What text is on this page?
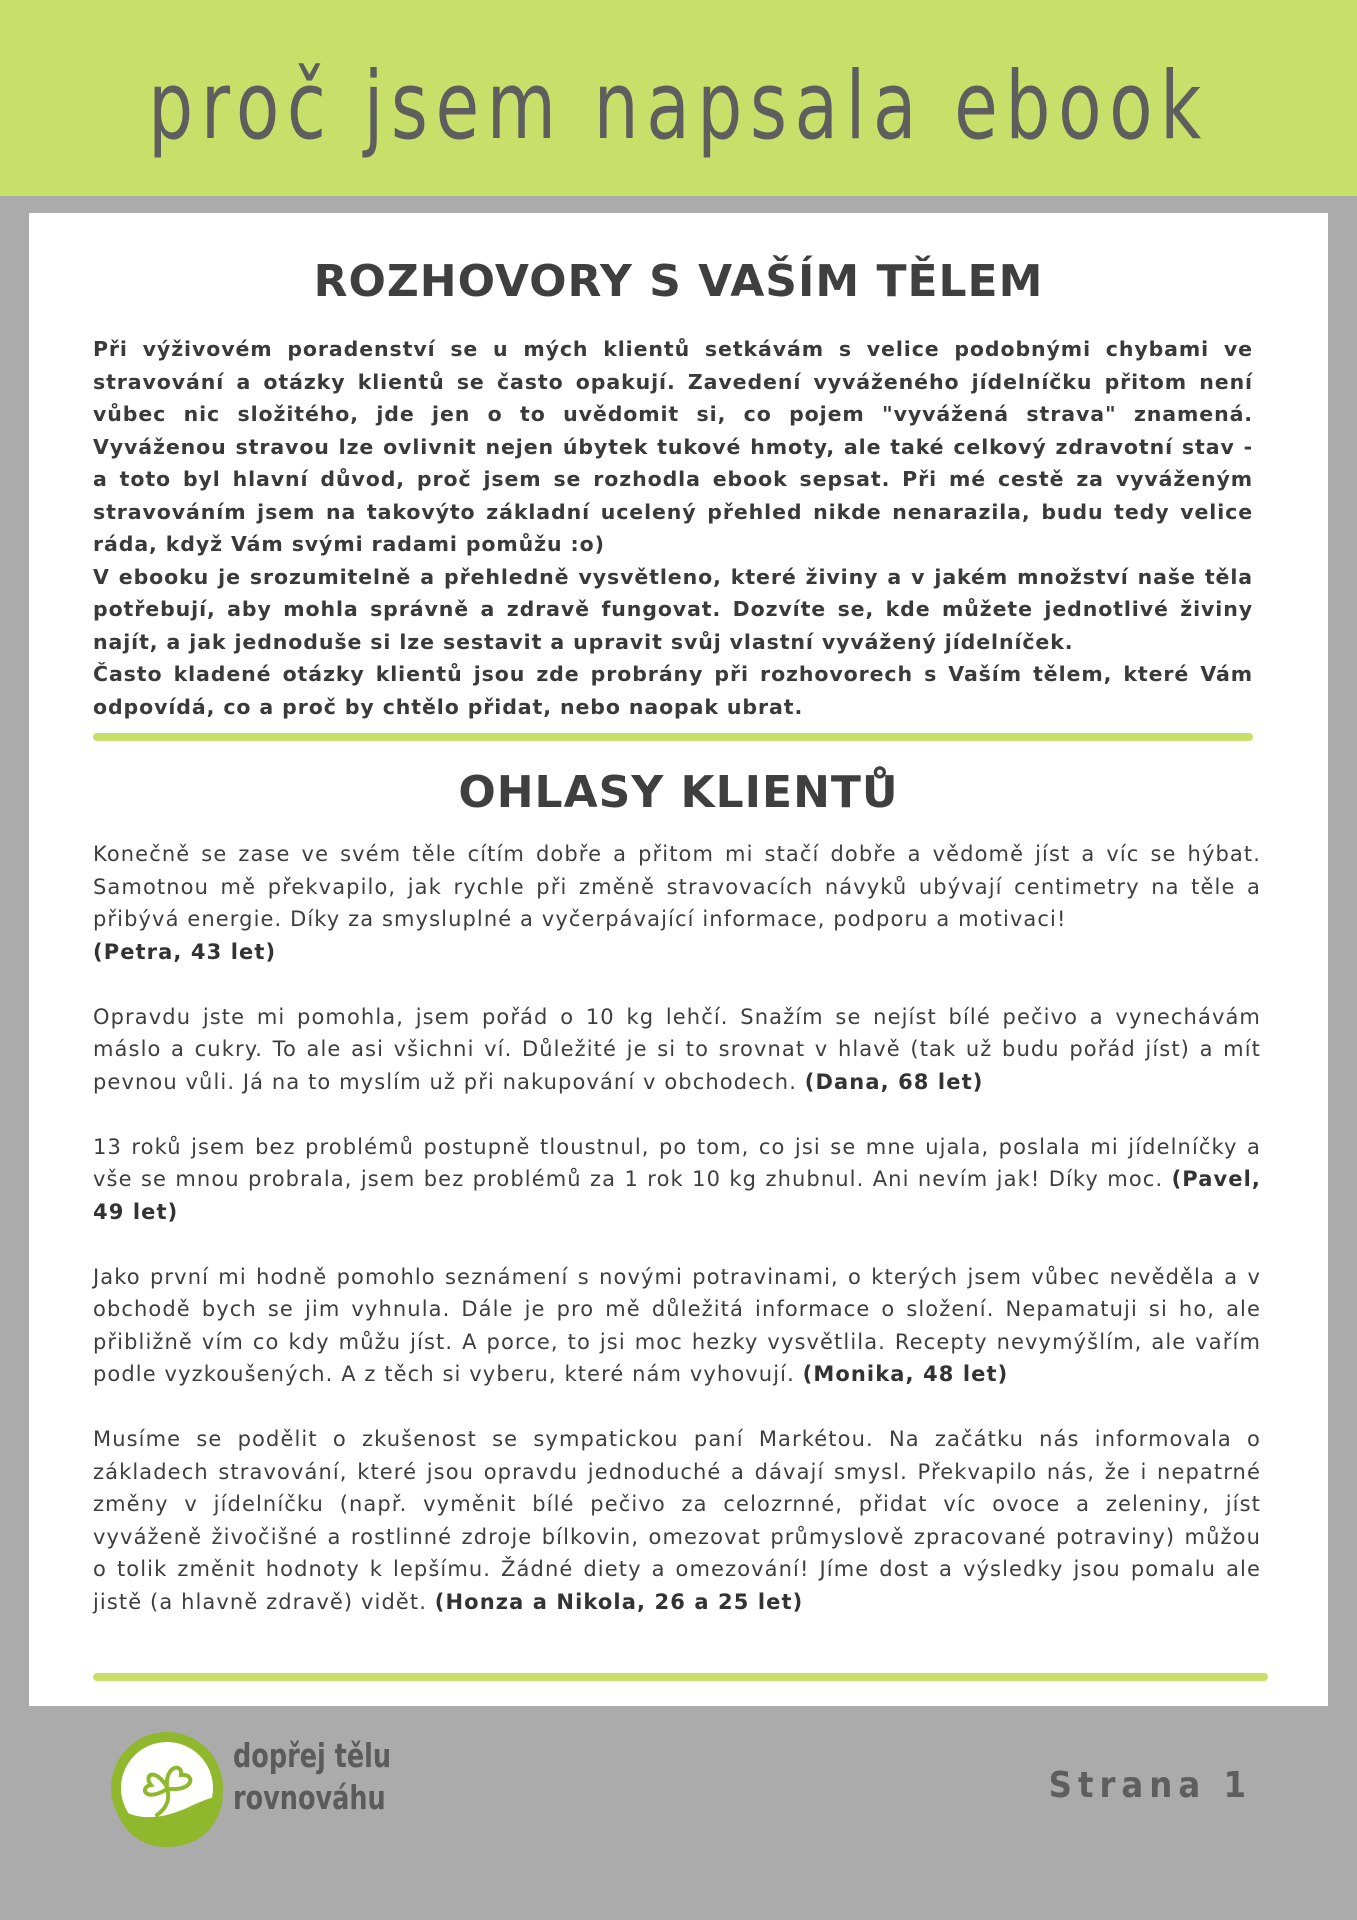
proč jsem napsala ebook
ROZHOVORY S VAŠÍM TĚLEM

Při výživovém poradenství se u mých klientů setkávám s velice podobnými chybami ve stravování a otázky klientů se často opakují. Zavedení vyváženého jídelníčku přitom není vůbec nic složitého, jde jen o to uvědomit si, co pojem "vyvážená strava" znamená. Vyváženou stravou lze ovlivnit nejen úbytek tukové hmoty, ale také celkový zdravotní stav - a toto byl hlavní důvod, proč jsem se rozhodla ebook sepsat. Při mé cestě za vyváženým stravováním jsem na takovýto základní ucelený přehled nikde nenarazila, budu tedy velice ráda, když Vám svými radami pomůžu :o)

V ebooku je srozumitelně a přehledně vysvětleno, které živiny a v jakém množství naše těla potřebují, aby mohla správně a zdravě fungovat. Dozvíte se, kde můžete jednotlivé živiny najít, a jak jednoduše si lze sestavit a upravit svůj vlastní vyvážený jídelníček.

Často kladené otázky klientů jsou zde probrány při rozhovorech s Vaším tělem, které Vám odpovídá, co a proč by chtělo přidat, nebo naopak ubrat.

OHLASY KLIENTŮ

Konečně se zase ve svém těle cítím dobře a přitom mi stačí dobře a vědomě jíst a víc se hýbat. Samotnou mě překvapilo, jak rychle při změně stravovacích návyků ubývají centimetry na těle a přibývá energie. Díky za smysluplné a vyčerpávající informace, podporu a motivaci!
(Petra, 43 let)

Opravdu jste mi pomohla, jsem pořád o 10 kg lehčí. Snažím se nejíst bílé pečivo a vynechávám máslo a cukry. To ale asi všichni ví. Důležité je si to srovnat v hlavě (tak už budu pořád jíst) a mít pevnou vůli. Já na to myslím už při nakupování v obchodech. (Dana, 68 let)

13 roků jsem bez problémů postupně tloustnul, po tom, co jsi se mne ujala, poslala mi jídelníčky a vše se mnou probrala, jsem bez problémů za 1 rok 10 kg zhubnul. Ani nevím jak! Díky moc. (Pavel, 49 let)

Jako první mi hodně pomohlo seznámení s novými potravinami, o kterých jsem vůbec nevěděla a v obchodě bych se jim vyhnula. Dále je pro mě důležitá informace o složení. Nepamatuji si ho, ale přibližně vím co kdy můžu jíst. A porce, to jsi moc hezky vysvětlila. Recepty nevymýšlím, ale vařím podle vyzkoušených. A z těch si vyberu, které nám vyhovují. (Monika, 48 let)

Musíme se podělit o zkušenost se sympatickou paní Markétou. Na začátku nás informovala o základech stravování, které jsou opravdu jednoduché a dávají smysl. Překvapilo nás, že i nepatrné změny v jídelníčku (např. vyměnit bílé pečivo za celozrnné, přidat víc ovoce a zeleniny, jíst vyváženě živočišné a rostlinné zdroje bílkovin, omezovat průmyslově zpracované potraviny) můžou o tolik změnit hodnoty k lepšímu. Žádné diety a omezování! Jíme dost a výsledky jsou pomalu ale jistě (a hlavně zdravě) vidět. (Honza a Nikola, 26 a 25 let)

dopřej tělu
rovnováhu	Strana 1
